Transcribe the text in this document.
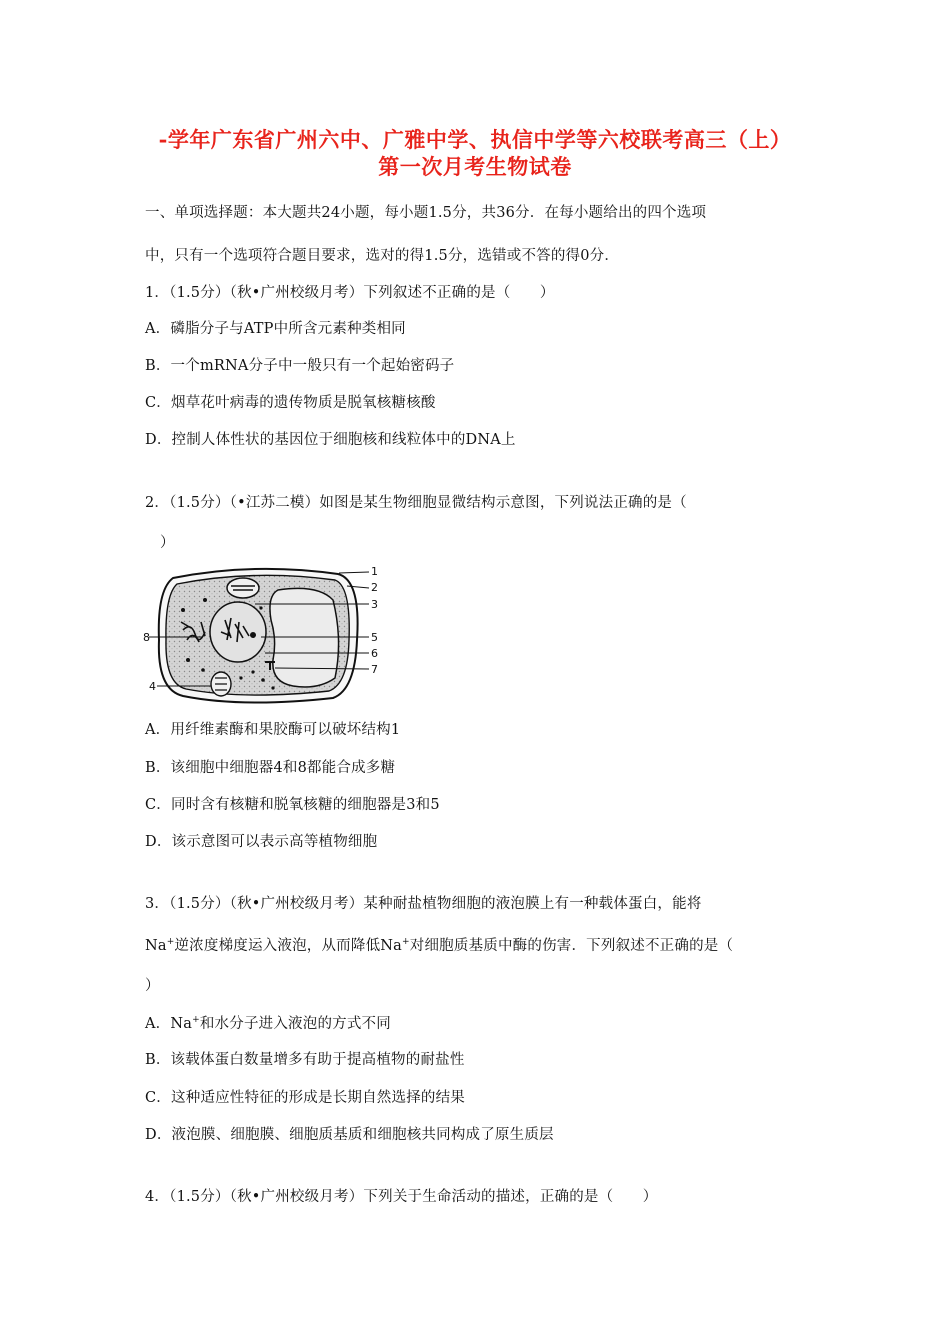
-学年广东省广州六中、广雅中学、执信中学等六校联考高三（上）
第一次月考生物试卷
一、单项选择题：本大题共24小题，每小题1.5分，共36分．在每小题给出的四个选项
中，只有一个选项符合题目要求，选对的得1.5分，选错或不答的得0分．
1．（1.5分）（秋•广州校级月考）下列叙述不正确的是（　　）
A．磷脂分子与ATP中所含元素种类相同
B．一个mRNA分子中一般只有一个起始密码子
C．烟草花叶病毒的遗传物质是脱氧核糖核酸
D．控制人体性状的基因位于细胞核和线粒体中的DNA上
2．（1.5分）（•江苏二模）如图是某生物细胞显微结构示意图，下列说法正确的是（
）
1
2
3
4
5
6
7
8
A．用纤维素酶和果胶酶可以破坏结构1
B．该细胞中细胞器4和8都能合成多糖
C．同时含有核糖和脱氧核糖的细胞器是3和5
D．该示意图可以表示高等植物细胞
3．（1.5分）（秋•广州校级月考）某种耐盐植物细胞的液泡膜上有一种载体蛋白，能将
Na+逆浓度梯度运入液泡，从而降低Na+对细胞质基质中酶的伤害．下列叙述不正确的是（
）
A．Na+和水分子进入液泡的方式不同
B．该载体蛋白数量增多有助于提高植物的耐盐性
C．这种适应性特征的形成是长期自然选择的结果
D．液泡膜、细胞膜、细胞质基质和细胞核共同构成了原生质层
4．（1.5分）（秋•广州校级月考）下列关于生命活动的描述，正确的是（　　）
